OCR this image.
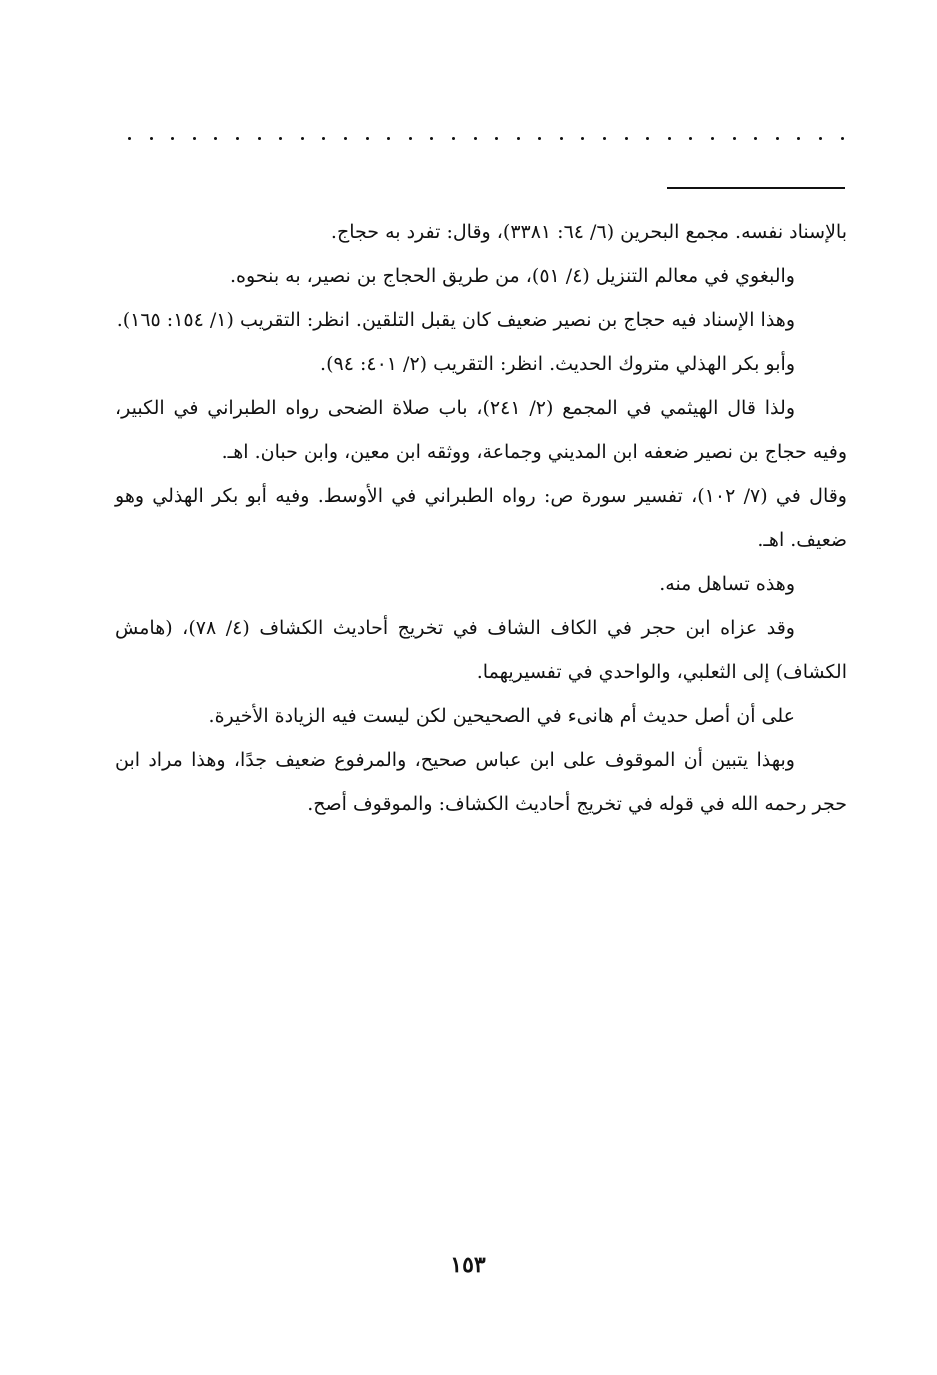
بالإسناد نفسه. مجمع البحرين (٦/ ٦٤: ٣٣٨١)، وقال: تفرد به حجاج.

والبغوي في معالم التنزيل (٤/ ٥١)، من طريق الحجاج بن نصير، به بنحوه.

وهذا الإسناد فيه حجاج بن نصير ضعيف كان يقبل التلقين. انظر: التقريب (١/ ١٥٤: ١٦٥).

وأبو بكر الهذلي متروك الحديث. انظر: التقريب (٢/ ٤٠١: ٩٤).

ولذا قال الهيثمي في المجمع (٢/ ٢٤١)، باب صلاة الضحى رواه الطبراني في الكبير، وفيه حجاج بن نصير ضعفه ابن المديني وجماعة، ووثقه ابن معين، وابن حبان. اهـ.

وقال في (٧/ ١٠٢)، تفسير سورة ص: رواه الطبراني في الأوسط. وفيه أبو بكر الهذلي وهو ضعيف. اهـ.

وهذه تساهل منه.

وقد عزاه ابن حجر في الكاف الشاف في تخريج أحاديث الكشاف (٤/ ٧٨)، (هامش الكشاف) إلى الثعلبي، والواحدي في تفسيريهما.

على أن أصل حديث أم هانىء في الصحيحين لكن ليست فيه الزيادة الأخيرة.

وبهذا يتبين أن الموقوف على ابن عباس صحيح، والمرفوع ضعيف جدًا، وهذا مراد ابن حجر رحمه الله في قوله في تخريج أحاديث الكشاف: والموقوف أصح.

١٥٣
